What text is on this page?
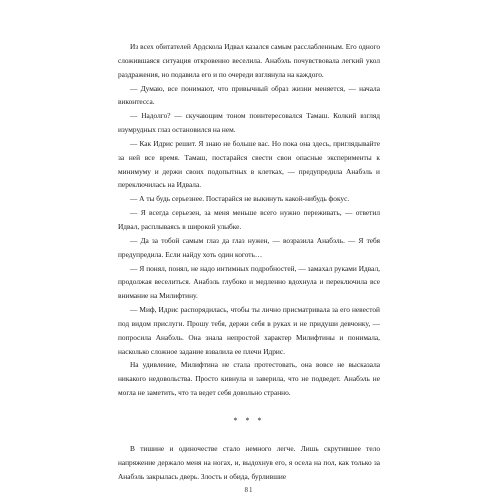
Из всех обитателей Ардскола Идвал казался самым расслабленным. Его одного сложившаяся ситуация откровенно веселила. Анабэль почувствовала легкий укол раздражения, но подавила его и по очереди взглянула на каждого.

— Думаю, все понимают, что привычный образ жизни меняется, — начала виконтесса.

— Надолго? — скучающим тоном поинтересовался Тамаш. Колкий взгляд изумрудных глаз остановился на нем.

— Как Идрис решит. Я знаю не больше вас. Но пока она здесь, приглядывайте за ней все время. Тамаш, постарайся свести свои опасные эксперименты к минимуму и держи своих подопытных в клетках, — предупредила Анабэль и переключилась на Идвала.

— А ты будь серьезнее. Постарайся не выкинуть какой-нибудь фокус.

— Я всегда серьезен, за меня меньше всего нужно переживать, — ответил Идвал, расплываясь в широкой улыбке.

— Да за тобой самым глаз да глаз нужен, — возразила Анабэль. — Я тебя предупредила. Если найду хоть один коготь…

— Я понял, понял, не надо интимных подробностей, — замахал руками Идвал, продолжая веселиться. Анабэль глубоко и медленно вдохнула и переключила все внимание на Милифтину.

— Миф, Идрис распорядилась, чтобы ты лично присматривала за его невестой под видом прислуги. Прошу тебя, держи себя в руках и не придуши девчонку, — попросила Анабэль. Она знала непростой характер Милифтины и понимала, насколько сложное задание взвалила ее плечи Идрис.

На удивление, Милифтина не стала протестовать, она вовсе не высказала никакого недовольства. Просто кивнула и заверила, что не подведет. Анабэль не могла не заметить, что та ведет себя довольно странно.

* * *

В тишине и одиночестве стало немного легче. Лишь скрутившее тело напряжение держало меня на ногах, и, выдохнув его, я осела на пол, как только за Анабэль закрылась дверь. Злость и обида, бурлившие

81
